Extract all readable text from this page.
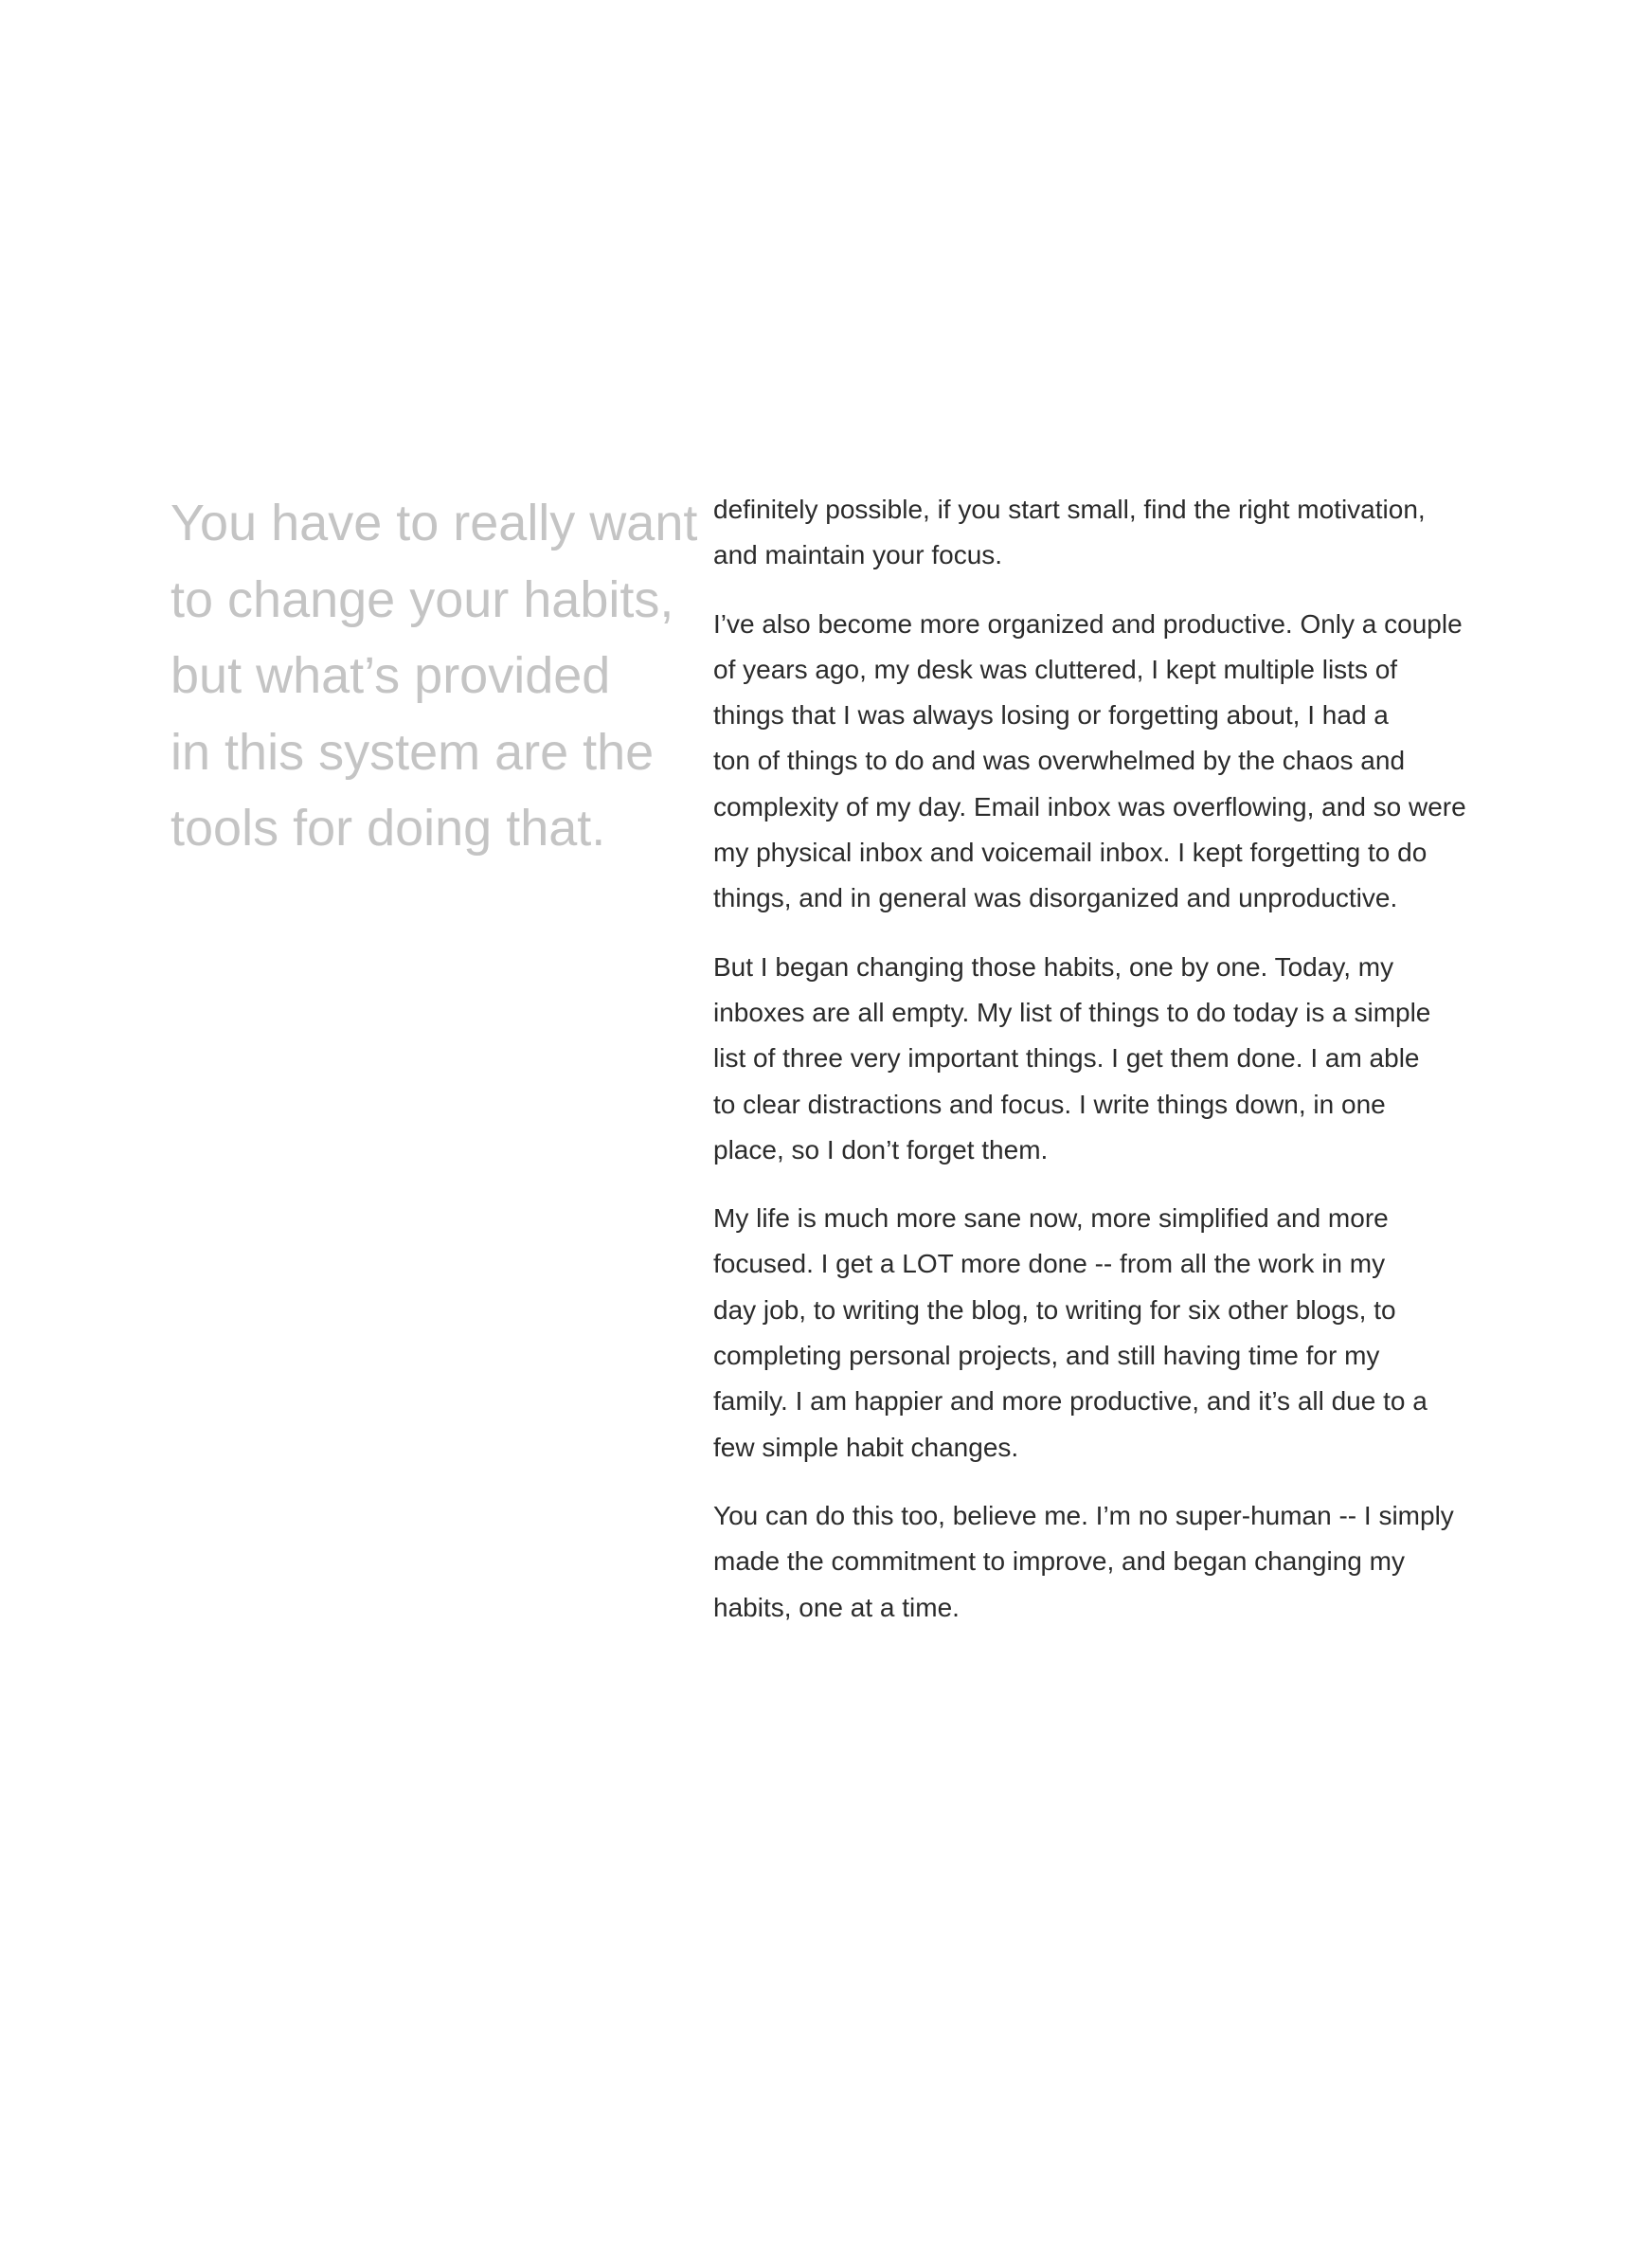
You have to really want
to change your habits,
but what’s provided
in this system are the
tools for doing that.

definitely possible, if you start small, find the right motivation,
and maintain your focus.

I’ve also become more organized and productive. Only a couple
of years ago, my desk was cluttered, I kept multiple lists of
things that I was always losing or forgetting about, I had a
ton of things to do and was overwhelmed by the chaos and
complexity of my day. Email inbox was overflowing, and so were
my physical inbox and voicemail inbox. I kept forgetting to do
things, and in general was disorganized and unproductive.

But I began changing those habits, one by one. Today, my
inboxes are all empty. My list of things to do today is a simple
list of three very important things. I get them done. I am able
to clear distractions and focus. I write things down, in one
place, so I don’t forget them.

My life is much more sane now, more simplified and more
focused. I get a LOT more done -- from all the work in my
day job, to writing the blog, to writing for six other blogs, to
completing personal projects, and still having time for my
family. I am happier and more productive, and it’s all due to a
few simple habit changes.

You can do this too, believe me. I’m no super-human -- I simply
made the commitment to improve, and began changing my
habits, one at a time.
